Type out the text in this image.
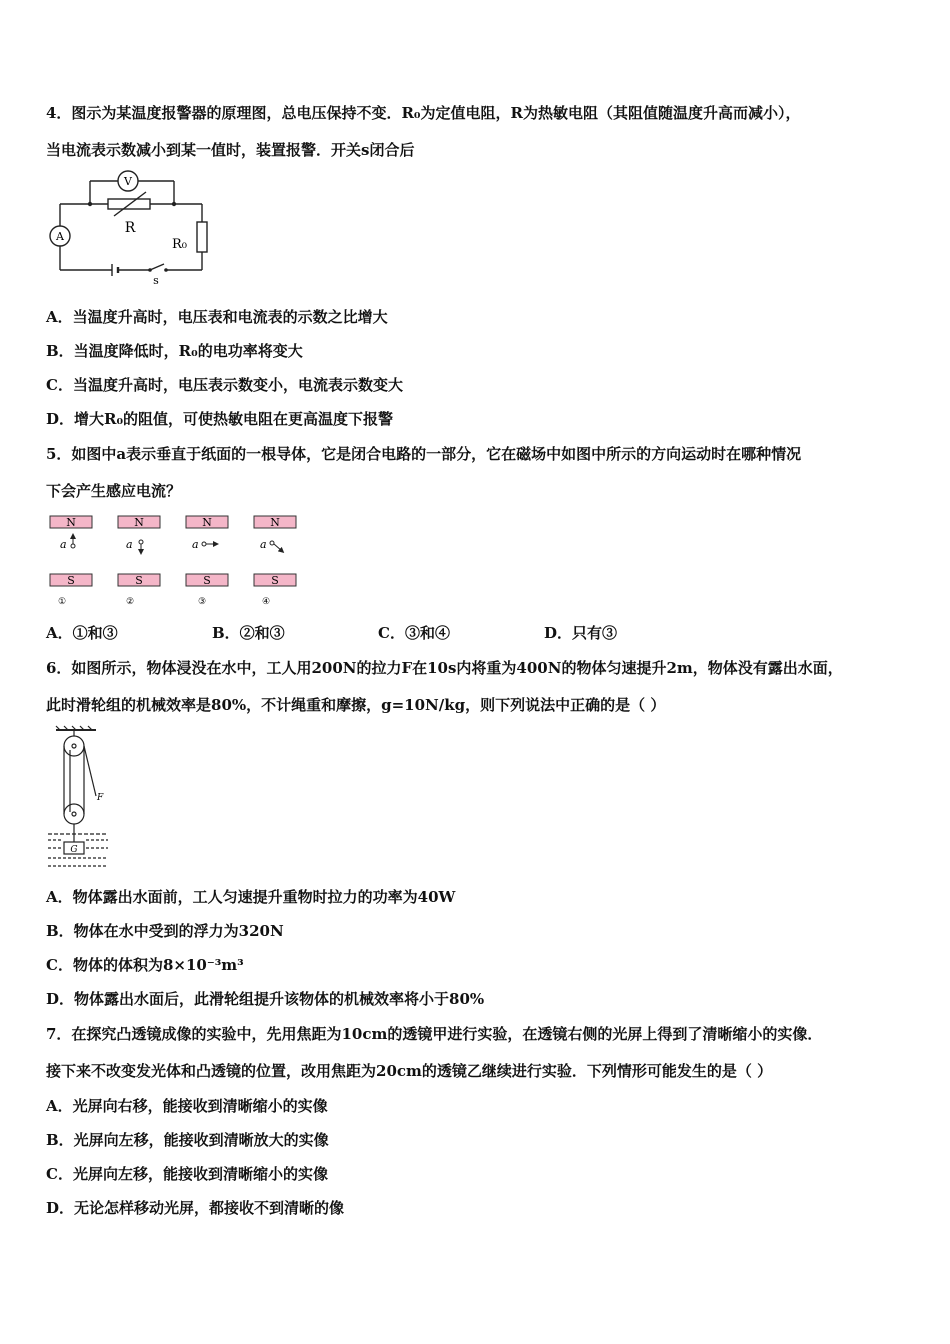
4．图示为某温度报警器的原理图，总电压保持不变．R₀为定值电阻，R为热敏电阻（其阻值随温度升高而减小），
当电流表示数减小到某一值时，装置报警．开关s闭合后
V
A
R
R₀
s
A．当温度升高时，电压表和电流表的示数之比增大
B．当温度降低时，R₀的电功率将变大
C．当温度升高时，电压表示数变小，电流表示数变大
D．增大R₀的阻值，可使热敏电阻在更高温度下报警
5．如图中a表示垂直于纸面的一根导体，它是闭合电路的一部分，它在磁场中如图中所示的方向运动时在哪种情况
下会产生感应电流？
N
a
S
①
N
a
S
②
N
a
S
③
N
a
S
④
A．①和③	B．②和③	C．③和④	D．只有③
6．如图所示，物体浸没在水中，工人用200N的拉力F在10s内将重为400N的物体匀速提升2m，物体没有露出水面，
此时滑轮组的机械效率是80%，不计绳重和摩擦，g=10N/kg，则下列说法中正确的是（ ）
F
G
A．物体露出水面前，工人匀速提升重物时拉力的功率为40W
B．物体在水中受到的浮力为320N
C．物体的体积为8×10⁻³m³
D．物体露出水面后，此滑轮组提升该物体的机械效率将小于80%
7．在探究凸透镜成像的实验中，先用焦距为10cm的透镜甲进行实验，在透镜右侧的光屏上得到了清晰缩小的实像．
接下来不改变发光体和凸透镜的位置，改用焦距为20cm的透镜乙继续进行实验．下列情形可能发生的是（ ）
A．光屏向右移，能接收到清晰缩小的实像
B．光屏向左移，能接收到清晰放大的实像
C．光屏向左移，能接收到清晰缩小的实像
D．无论怎样移动光屏，都接收不到清晰的像
